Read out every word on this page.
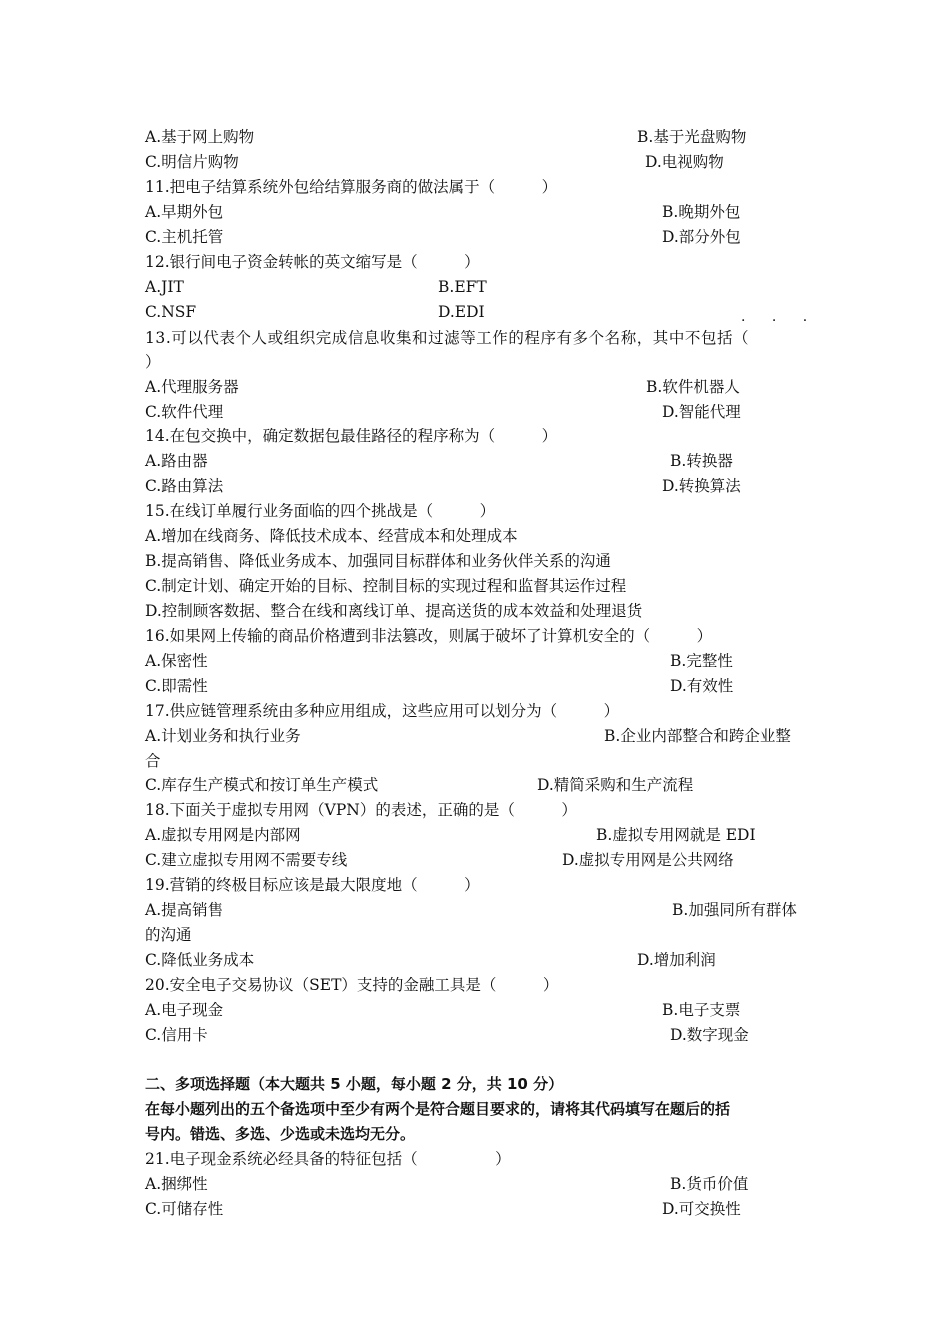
A.基于网上购物	B.基于光盘购物
C.明信片购物	D.电视购物
11.把电子结算系统外包给结算服务商的做法属于（　　　）
A.早期外包	B.晚期外包
C.主机托管	D.部分外包
12.银行间电子资金转帐的英文缩写是（　　　）
A.JIT	B.EFT
C.NSF	D.EDI	· · ·
13.可以代表个人或组织完成信息收集和过滤等工作的程序有多个名称，其中不包括（
）
A.代理服务器	B.软件机器人
C.软件代理	D.智能代理
14.在包交换中，确定数据包最佳路径的程序称为（　　　）
A.路由器	B.转换器
C.路由算法	D.转换算法
15.在线订单履行业务面临的四个挑战是（　　　）
A.增加在线商务、降低技术成本、经营成本和处理成本
B.提高销售、降低业务成本、加强同目标群体和业务伙伴关系的沟通
C.制定计划、确定开始的目标、控制目标的实现过程和监督其运作过程
D.控制顾客数据、整合在线和离线订单、提高送货的成本效益和处理退货
16.如果网上传输的商品价格遭到非法篡改，则属于破坏了计算机安全的（　　　）
A.保密性	B.完整性
C.即需性	D.有效性
17.供应链管理系统由多种应用组成，这些应用可以划分为（　　　）
A.计划业务和执行业务	B.企业内部整合和跨企业整
合
C.库存生产模式和按订单生产模式	D.精简采购和生产流程
18.下面关于虚拟专用网（VPN）的表述，正确的是（　　　）
A.虚拟专用网是内部网	B.虚拟专用网就是 EDI
C.建立虚拟专用网不需要专线	D.虚拟专用网是公共网络
19.营销的终极目标应该是最大限度地（　　　）
A.提高销售	B.加强同所有群体
的沟通
C.降低业务成本	D.增加利润
20.安全电子交易协议（SET）支持的金融工具是（　　　）
A.电子现金	B.电子支票
C.信用卡	D.数字现金
二、多项选择题（本大题共 5 小题，每小题 2 分，共 10 分）
在每小题列出的五个备选项中至少有两个是符合题目要求的，请将其代码填写在题后的括
号内。错选、多选、少选或未选均无分。
21.电子现金系统必经具备的特征包括（　　　　　）
A.捆绑性	B.货币价值
C.可储存性	D.可交换性
